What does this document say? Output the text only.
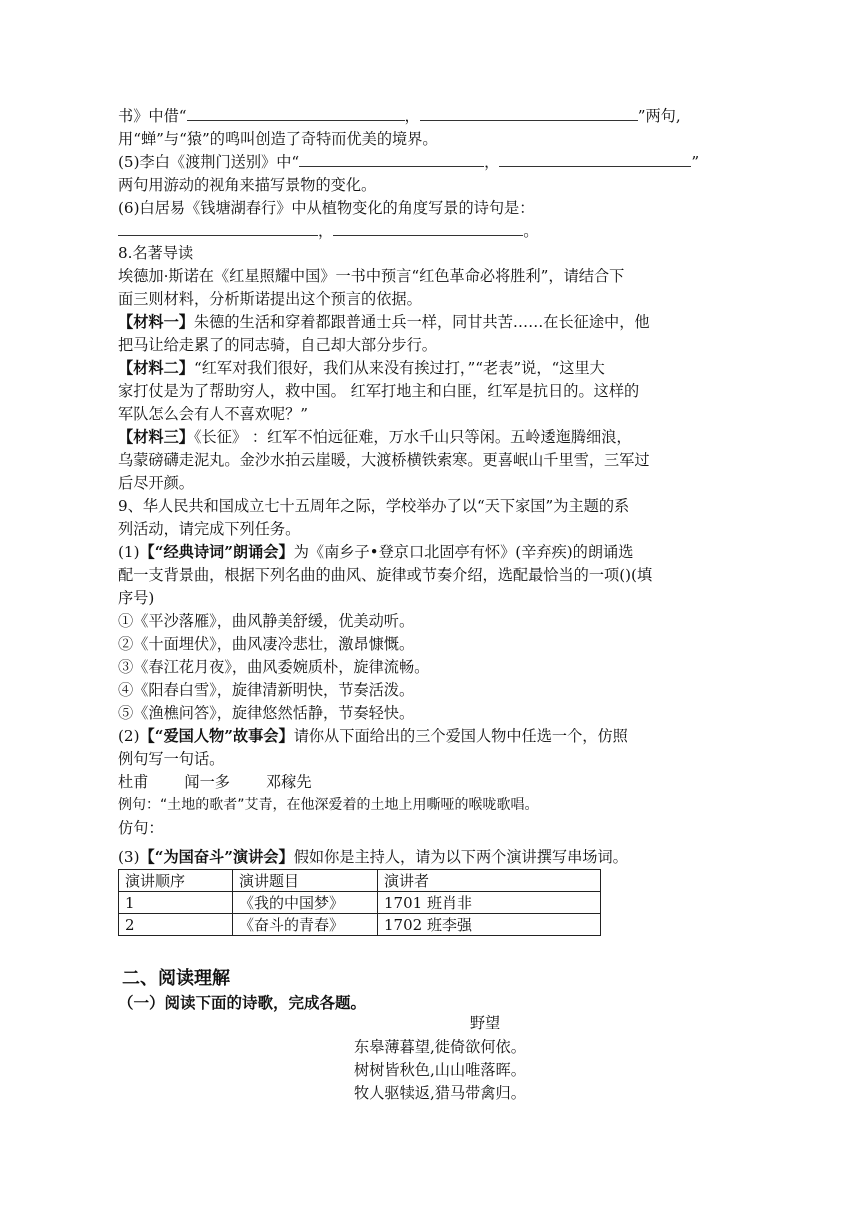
书》中借“	，	”两句,
用“蝉”与“猿”的鸣叫创造了奇特而优美的境界。
(5)李白《渡荆门送别》中“	，	”
两句用游动的视角来描写景物的变化。
(6)白居易《钱塘湖春行》中从植物变化的角度写景的诗句是：
，	。
8.名著导读
埃德加·斯诺在《红星照耀中国》一书中预言“红色革命必将胜利”，请结合下
面三则材料，分析斯诺提出这个预言的依据。
【材料一】朱德的生活和穿着都跟普通士兵一样，同甘共苦……在长征途中，他
把马让给走累了的同志骑，自己却大部分步行。
【材料二】“红军对我们很好，我们从来没有挨过打，”“老表”说，“这里大
家打仗是为了帮助穷人，救中国。 红军打地主和白匪，红军是抗日的。这样的
军队怎么会有人不喜欢呢？”
【材料三】《长征》 ：红军不怕远征难，万水千山只等闲。五岭逶迤腾细浪，
乌蒙磅礴走泥丸。金沙水拍云崖暖，大渡桥横铁索寒。更喜岷山千里雪，三军过
后尽开颜。
9、华人民共和国成立七十五周年之际，学校举办了以“天下家国”为主题的系
列活动，请完成下列任务。
(1)【“经典诗词”朗诵会】为《南乡子•登京口北固亭有怀》(辛弃疾)的朗诵选
配一支背景曲，根据下列名曲的曲风、旋律或节奏介绍，选配最恰当的一项()(填
序号)
①《平沙落雁》，曲风静美舒缓，优美动听。
②《十面埋伏》，曲风凄冷悲壮，激昂慷慨。
③《春江花月夜》，曲风委婉质朴，旋律流畅。
④《阳春白雪》，旋律清新明快，节奏活泼。
⑤《渔樵问答》，旋律悠然恬静，节奏轻快。
(2)【“爱国人物”故事会】请你从下面给出的三个爱国人物中任选一个，仿照
例句写一句话。
杜甫 闻一多 邓稼先
例句：“土地的歌者”艾青，在他深爱着的土地上用嘶哑的喉咙歌唱。
仿句：
(3)【“为国奋斗”演讲会】假如你是主持人，请为以下两个演讲撰写串场词。
演讲顺序	演讲题目	演讲者
1	《我的中国梦》	1701 班肖非
2	《奋斗的青春》	1702 班李强
二、阅读理解
（一）阅读下面的诗歌，完成各题。
野望
东皋薄暮望,徙倚欲何依。
树树皆秋色,山山唯落晖。
牧人驱犊返,猎马带禽归。
